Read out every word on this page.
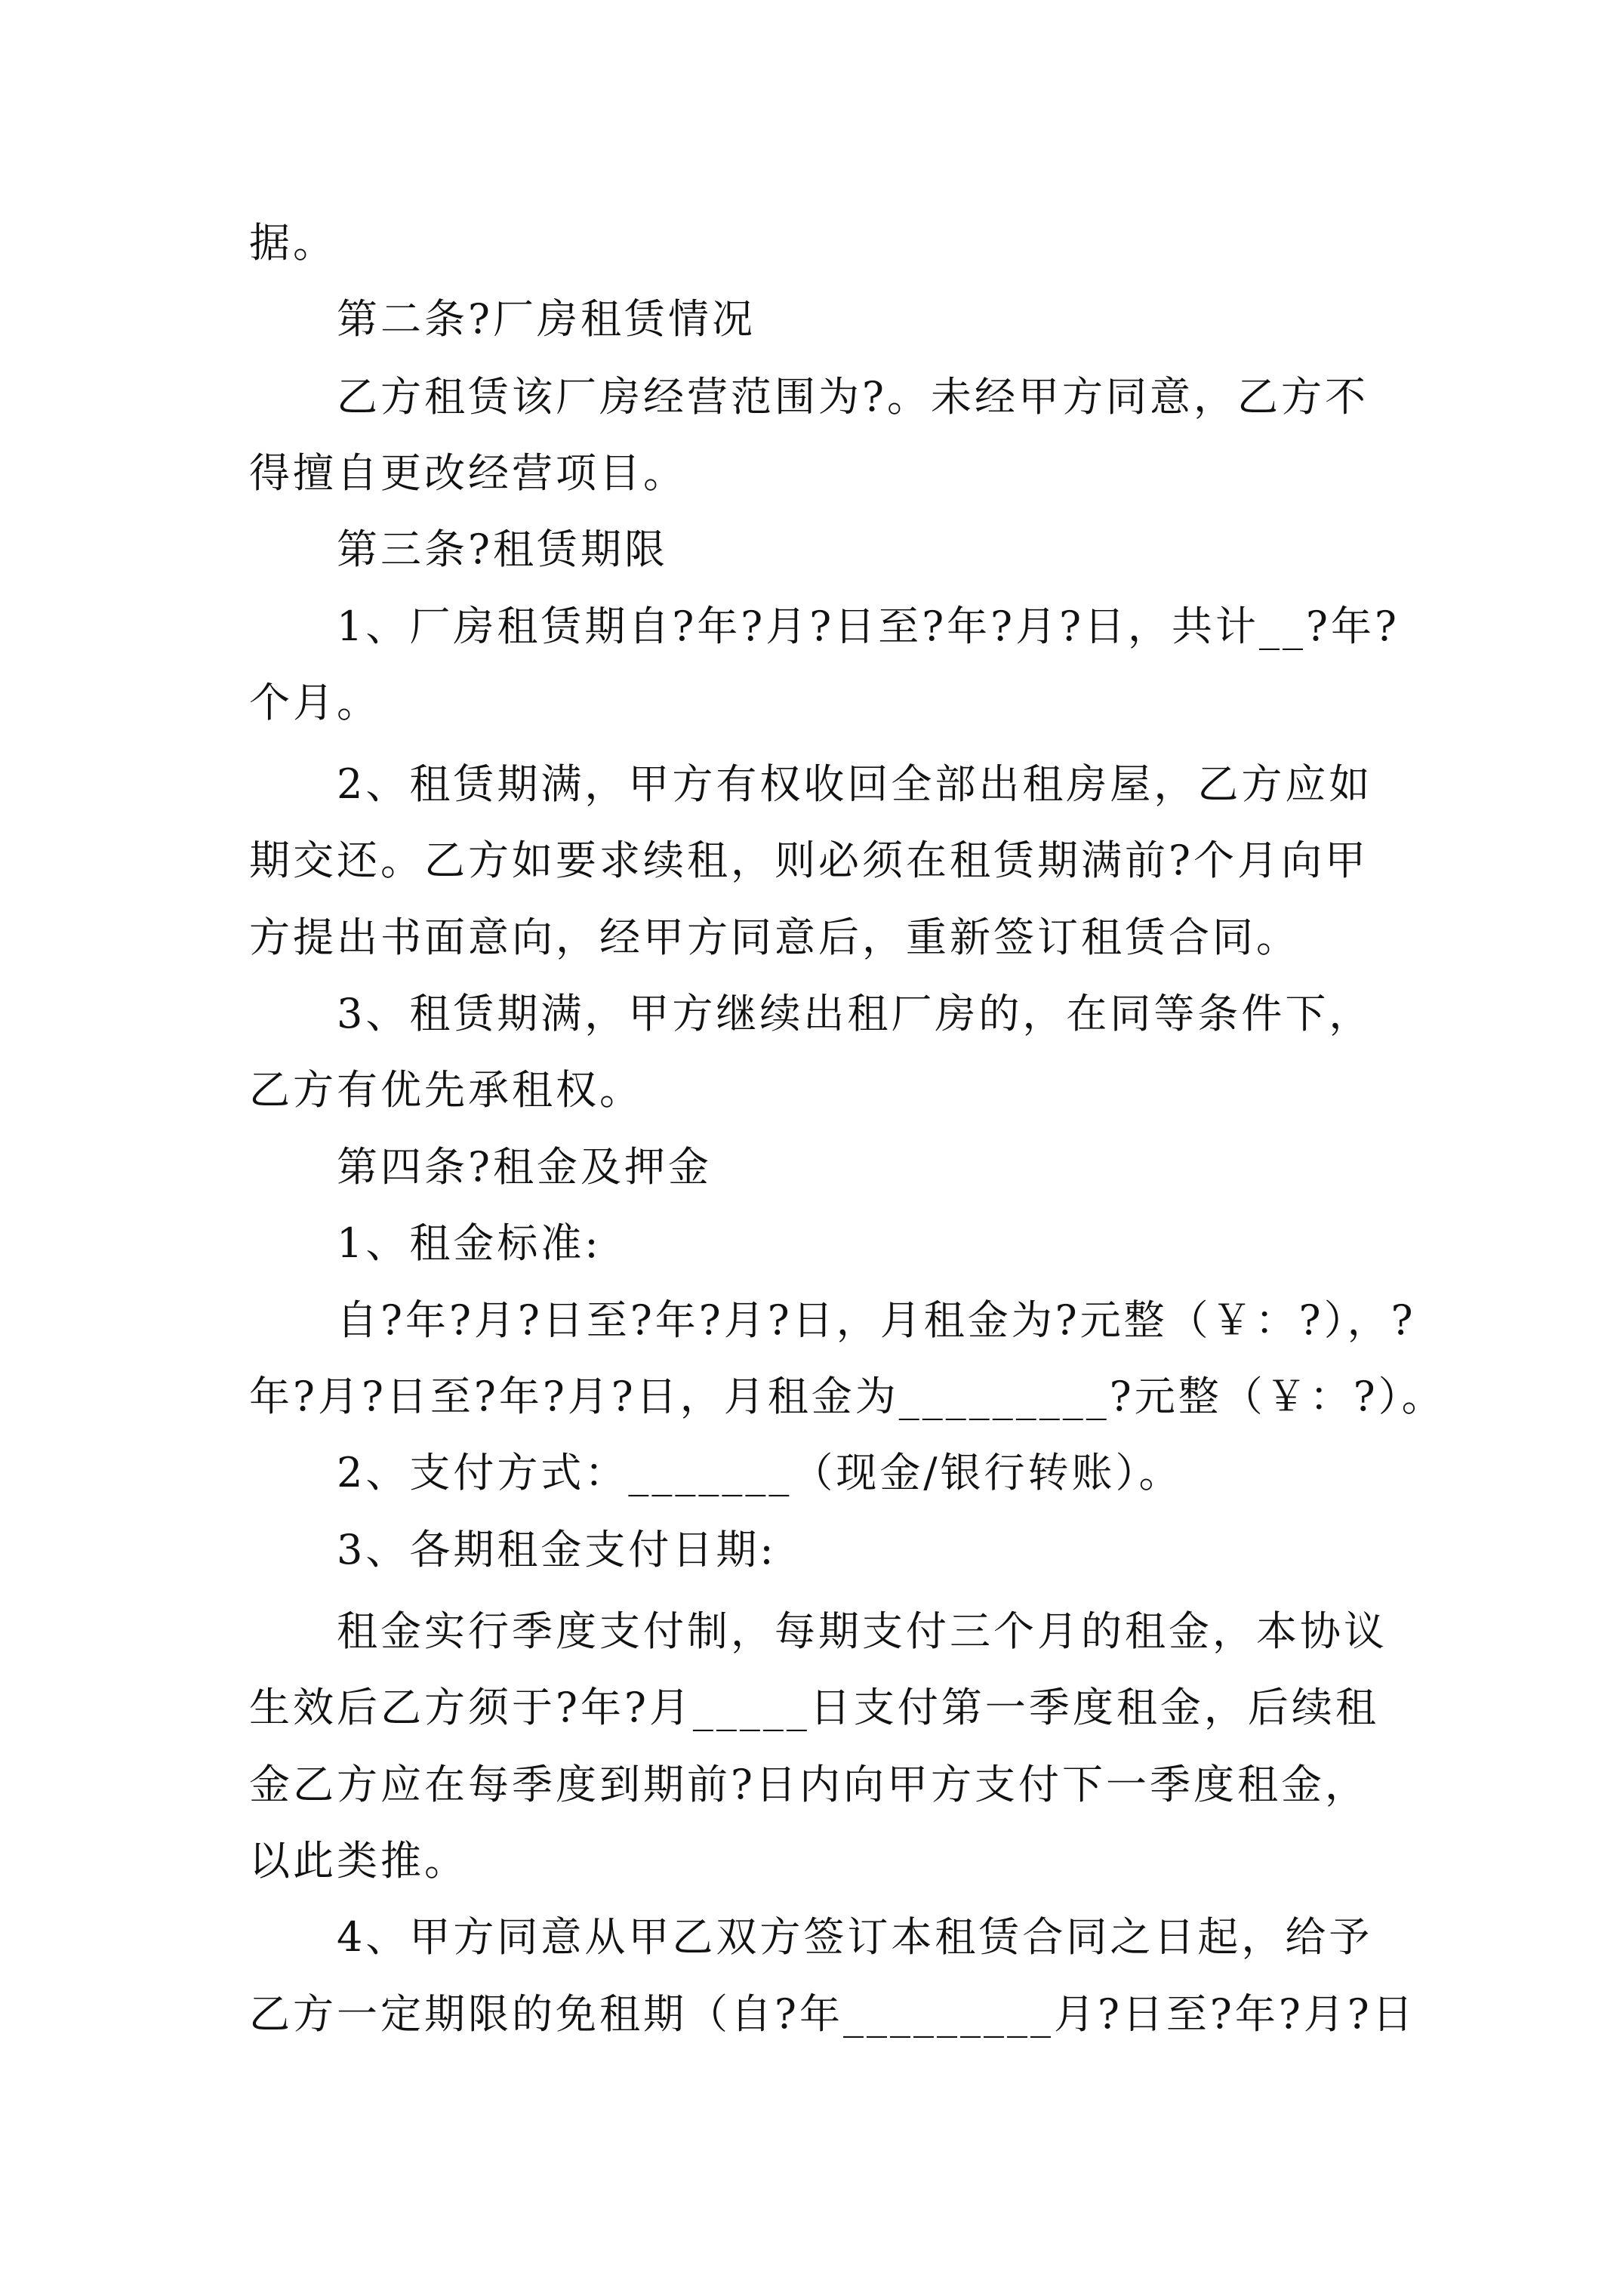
据。

第二条?厂房租赁情况

乙方租赁该厂房经营范围为?。未经甲方同意，乙方不

得擅自更改经营项目。

第三条?租赁期限

1、厂房租赁期自?年?月?日至?年?月?日，共计__?年?

个月。

2、租赁期满，甲方有权收回全部出租房屋，乙方应如

期交还。乙方如要求续租，则必须在租赁期满前?个月向甲

方提出书面意向，经甲方同意后，重新签订租赁合同。

3、租赁期满，甲方继续出租厂房的，在同等条件下，

乙方有优先承租权。

第四条?租金及押金

1、租金标准:

自?年?月?日至?年?月?日，月租金为?元整（￥：?），?

年?月?日至?年?月?日，月租金为_________?元整（￥：?）。

2、支付方式：_______（现金/银行转账）。

3、各期租金支付日期:

租金实行季度支付制，每期支付三个月的租金，本协议

生效后乙方须于?年?月_____日支付第一季度租金，后续租

金乙方应在每季度到期前?日内向甲方支付下一季度租金，

以此类推。

4、甲方同意从甲乙双方签订本租赁合同之日起，给予

乙方一定期限的免租期（自?年_________月?日至?年?月?日
